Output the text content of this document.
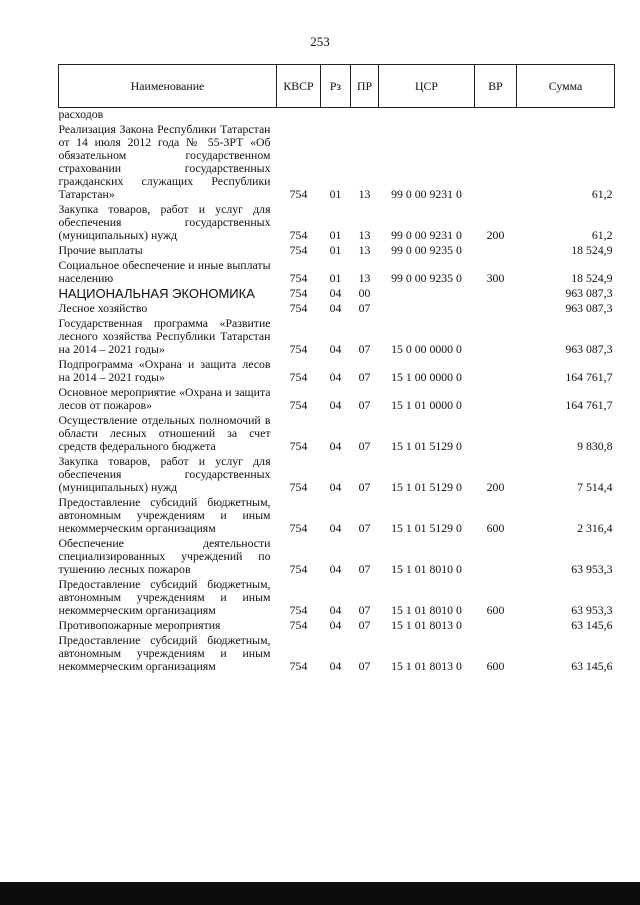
253
Наименование	КВСР	Рз	ПР	ЦСР	ВР	Сумма
расходов						
Реализация Закона Республики Татарстан от 14 июля 2012 года № 55-ЗРТ «Об обязательном государственном страховании государственных гражданских служащих Республики Татарстан»	754	01	13	99 0 00 9231 0		61,2
Закупка товаров, работ и услуг для обеспечения государственных (муниципальных) нужд	754	01	13	99 0 00 9231 0	200	61,2
Прочие выплаты	754	01	13	99 0 00 9235 0		18 524,9
Социальное обеспечение и иные выплаты населению	754	01	13	99 0 00 9235 0	300	18 524,9
НАЦИОНАЛЬНАЯ ЭКОНОМИКА	754	04	00			963 087,3
Лесное хозяйство	754	04	07			963 087,3
Государственная программа «Развитие лесного хозяйства Республики Татарстан на 2014 – 2021 годы»	754	04	07	15 0 00 0000 0		963 087,3
Подпрограмма «Охрана и защита лесов на 2014 – 2021 годы»	754	04	07	15 1 00 0000 0		164 761,7
Основное мероприятие «Охрана и защита лесов от пожаров»	754	04	07	15 1 01 0000 0		164 761,7
Осуществление отдельных полномочий в области лесных отношений за счет средств федерального бюджета	754	04	07	15 1 01 5129 0		9 830,8
Закупка товаров, работ и услуг для обеспечения государственных (муниципальных) нужд	754	04	07	15 1 01 5129 0	200	7 514,4
Предоставление субсидий бюджетным, автономным учреждениям и иным некоммерческим организациям	754	04	07	15 1 01 5129 0	600	2 316,4
Обеспечение деятельности специализированных учреждений по тушению лесных пожаров	754	04	07	15 1 01 8010 0		63 953,3
Предоставление субсидий бюджетным, автономным учреждениям и иным некоммерческим организациям	754	04	07	15 1 01 8010 0	600	63 953,3
Противопожарные мероприятия	754	04	07	15 1 01 8013 0		63 145,6
Предоставление субсидий бюджетным, автономным учреждениям и иным некоммерческим организациям	754	04	07	15 1 01 8013 0	600	63 145,6
